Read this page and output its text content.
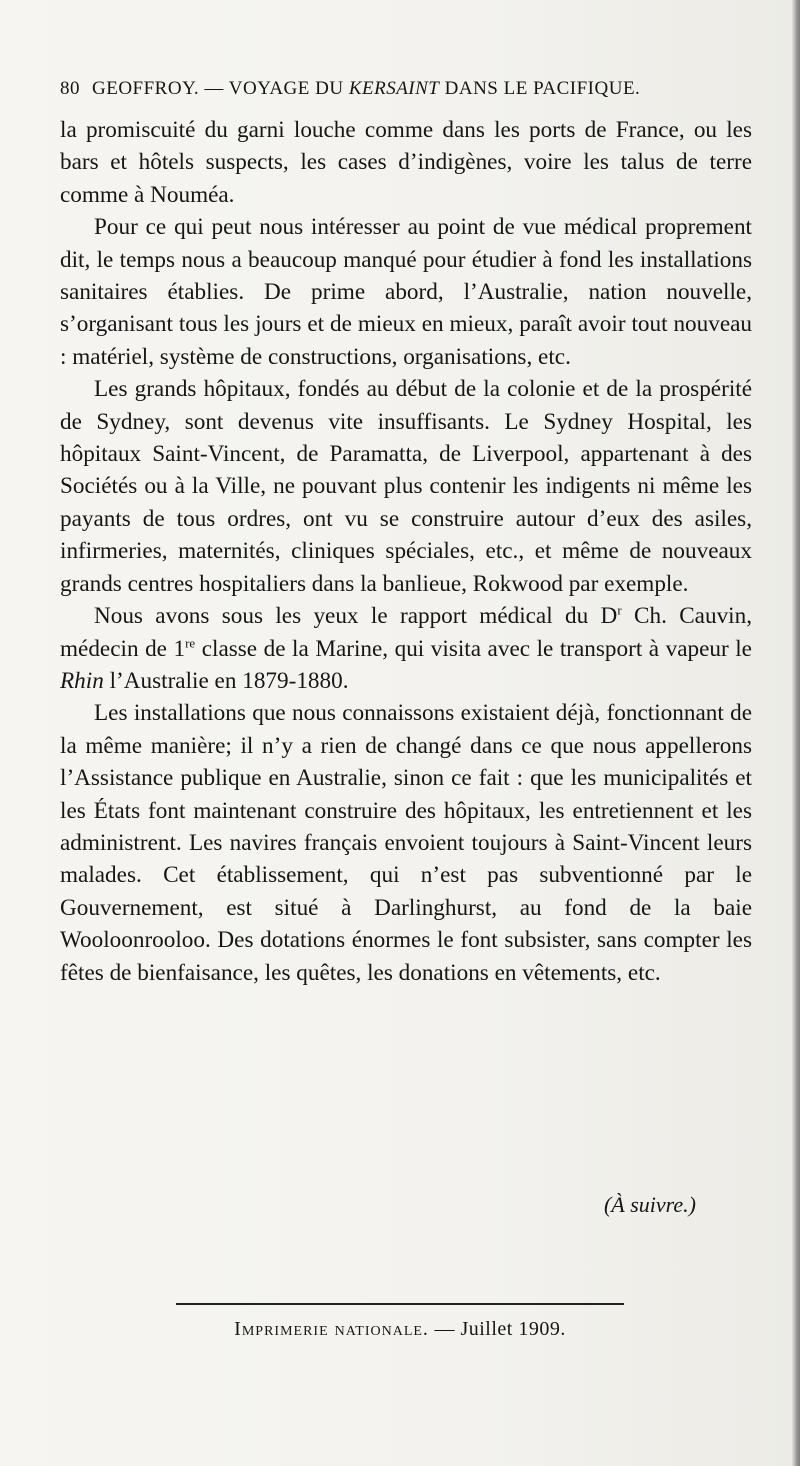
80 GEOFFROY. — VOYAGE DU KERSAINT DANS LE PACIFIQUE.

la promiscuité du garni louche comme dans les ports de France, ou les bars et hôtels suspects, les cases d’indigènes, voire les talus de terre comme à Nouméa.

Pour ce qui peut nous intéresser au point de vue médical proprement dit, le temps nous a beaucoup manqué pour étudier à fond les installations sanitaires établies. De prime abord, l’Australie, nation nouvelle, s’organisant tous les jours et de mieux en mieux, paraît avoir tout nouveau : matériel, système de constructions, organisations, etc.

Les grands hôpitaux, fondés au début de la colonie et de la prospérité de Sydney, sont devenus vite insuffisants. Le Sydney Hospital, les hôpitaux Saint-Vincent, de Paramatta, de Liverpool, appartenant à des Sociétés ou à la Ville, ne pouvant plus contenir les indigents ni même les payants de tous ordres, ont vu se construire autour d’eux des asiles, infirmeries, maternités, cliniques spéciales, etc., et même de nouveaux grands centres hospitaliers dans la banlieue, Rokwood par exemple.

Nous avons sous les yeux le rapport médical du $D^r$ Ch. Cauvin, médecin de 1re classe de la Marine, qui visita avec le transport à vapeur le Rhin l’Australie en 1879-1880.

Les installations que nous connaissons existaient déjà, fonctionnant de la même manière; il n’y a rien de changé dans ce que nous appellerons l’Assistance publique en Australie, sinon ce fait : que les municipalités et les États font maintenant construire des hôpitaux, les entretiennent et les administrent. Les navires français envoient toujours à Saint-Vincent leurs malades. Cet établissement, qui n’est pas subventionné par le Gouvernement, est situé à Darlinghurst, au fond de la baie Wooloonrooloo. Des dotations énormes le font subsister, sans compter les fêtes de bienfaisance, les quêtes, les donations en vêtements, etc.

(À suivre.)
Imprimerie nationale. — Juillet 1909.
